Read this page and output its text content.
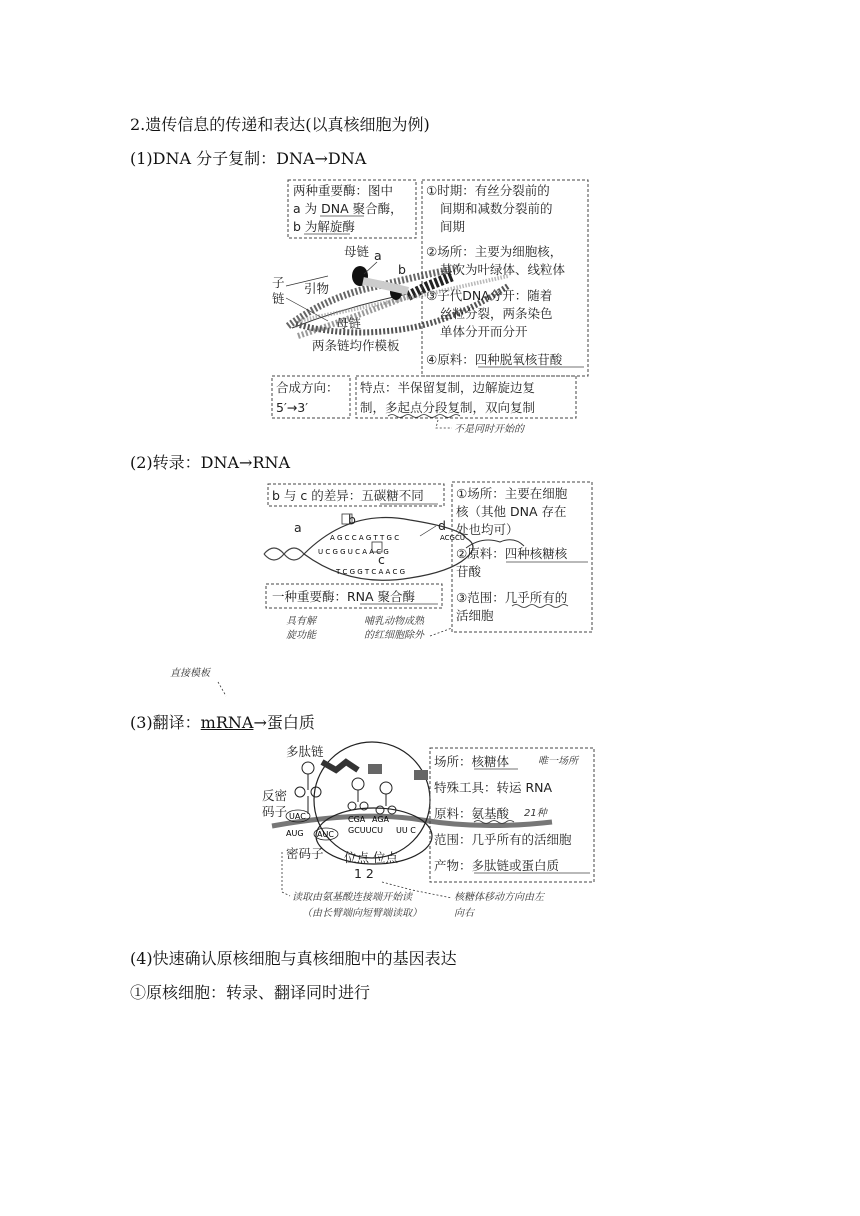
2.遗传信息的传递和表达(以真核细胞为例)
(1)DNA 分子复制：DNA→DNA
两种重要酶：图中
a 为 DNA 聚合酶，
b 为解旋酶
母链 a
b
子
链
引物
母链
两条链均作模板
①时期：有丝分裂前的
间期和减数分裂前的
间期
②场所：主要为细胞核，
其次为叶绿体、线粒体
③子代DNA分开：随着
丝粒分裂，两条染色
单体分开而分开
④原料：四种脱氧核苷酸
合成方向：
5′→3′
特点：半保留复制，边解旋边复
制，多起点分段复制，双向复制
不是同时开始的
(2)转录：DNA→RNA
b 与 c 的差异：五碳糖不同
A G C C A G T T G C
U C G G U C A A C G
T C G G T C A A C G
ACGCU
a
b
c
d
一种重要酶：RNA 聚合酶
①场所：主要在细胞
核（其他 DNA 存在
处也均可）
②原料：四种核糖核
苷酸
③范围：几乎所有的
活细胞
具有解
旋功能
哺乳动物成熟
的红细胞除外
直接模板
(3)翻译：mRNA→蛋白质
多肽链
反密
码子 UAC
AUG AUC
CGA AGA
GCUUCU UU C
密码子 位点 位点
1 2
场所：核糖体
特殊工具：转运 RNA
原料：氨基酸
范围：几乎所有的活细胞
产物：多肽链或蛋白质
唯一场所
21种
读取由氨基酸连接端开始读
（由长臂端向短臂端读取）
核糖体移动方向由左
向右
(4)快速确认原核细胞与真核细胞中的基因表达
①原核细胞：转录、翻译同时进行
